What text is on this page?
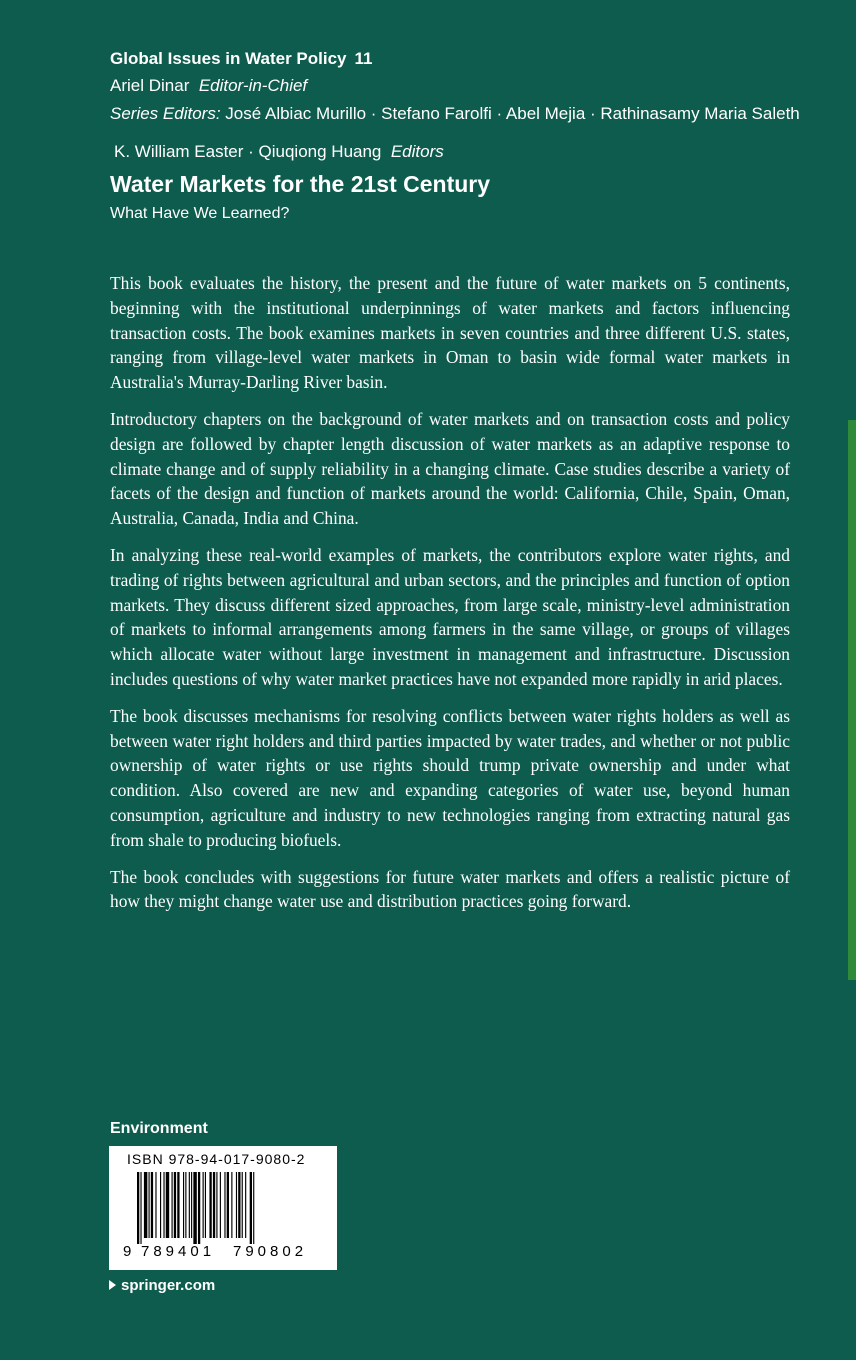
Global Issues in Water Policy 11
Ariel Dinar Editor-in-Chief
Series Editors: José Albiac Murillo · Stefano Farolfi · Abel Mejia · Rathinasamy Maria Saleth
K. William Easter · Qiuqiong Huang Editors
Water Markets for the 21st Century
What Have We Learned?

This book evaluates the history, the present and the future of water markets on 5 continents, beginning with the institutional underpinnings of water markets and factors influencing transaction costs. The book examines markets in seven countries and three different U.S. states, ranging from village-level water markets in Oman to basin wide formal water markets in Australia's Murray-Darling River basin.

Introductory chapters on the background of water markets and on transaction costs and policy design are followed by chapter length discussion of water markets as an adaptive response to climate change and of supply reliability in a changing climate. Case studies describe a variety of facets of the design and function of markets around the world: California, Chile, Spain, Oman, Australia, Canada, India and China.

In analyzing these real-world examples of markets, the contributors explore water rights, and trading of rights between agricultural and urban sectors, and the principles and function of option markets. They discuss different sized approaches, from large scale, ministry-level administration of markets to informal arrangements among farmers in the same village, or groups of villages which allocate water without large investment in management and infrastructure. Discussion includes questions of why water market practices have not expanded more rapidly in arid places.

The book discusses mechanisms for resolving conflicts between water rights holders as well as between water right holders and third parties impacted by water trades, and whether or not public ownership of water rights or use rights should trump private ownership and under what condition. Also covered are new and expanding categories of water use, beyond human consumption, agriculture and industry to new technologies ranging from extracting natural gas from shale to producing biofuels.

The book concludes with suggestions for future water markets and offers a realistic picture of how they might change water use and distribution practices going forward.

Environment
ISBN 978-94-017-9080-2
9 789401	790802
springer.com
